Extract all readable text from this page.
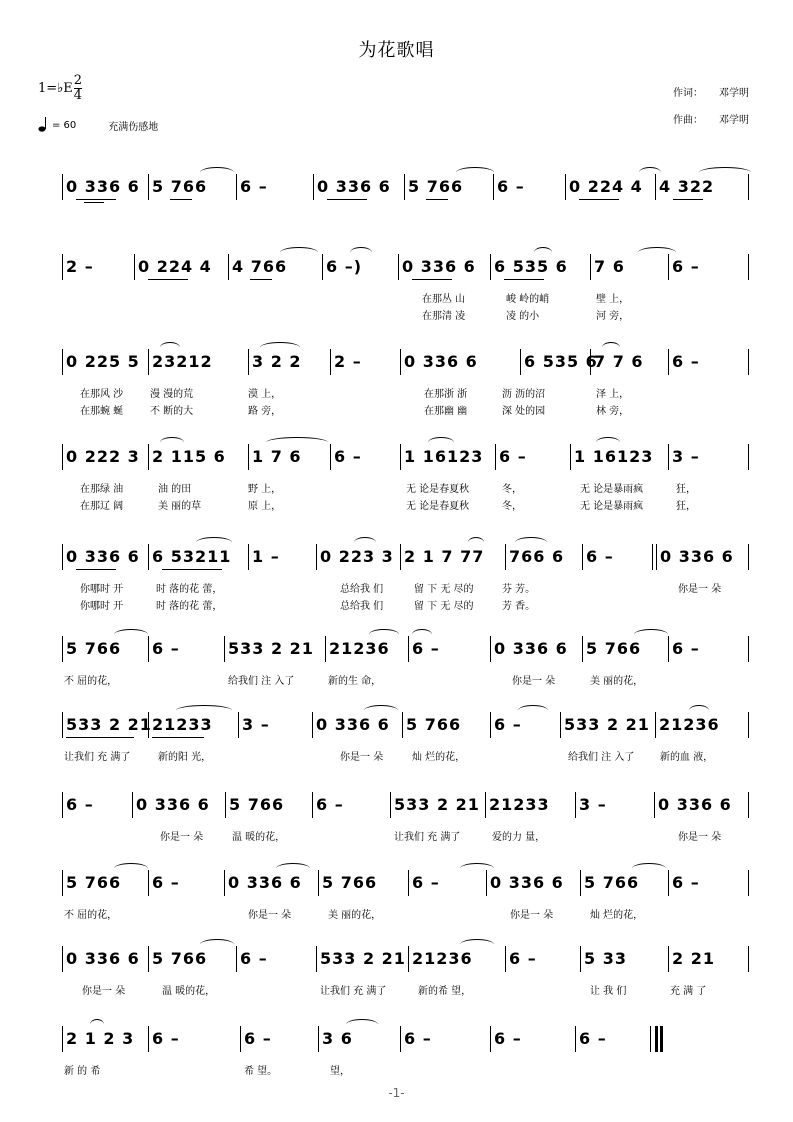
为花歌唱
1=♭E $\frac{2}{4}$
= 60	充满伤感地
作词： 邓学明
作曲： 邓学明
0 336 6 5 766 6 –	0 336 6 5 766 6 –	0 224 4 4 322
2 –	0 224 4 4 766 6 –) 0 336 6 6 535 6 7 6	6 –
在那丛 山	峻 岭的峭	壁 上，
在那清 凌	凌 的小	河 旁，
0 225 5 23212 3 2 2 2 –	0 336 6	6 535 6
7 7 6 6 –
在那风 沙	漫 漫的荒	漠 上，	在那浙 浙	沥 沥的沼	泽 上，
在那蜿 蜒	不 断的大	路 旁，	在那幽 幽	深 处的园	林 旁，
0 222 3 2 115 6 1 7 6 6 –	1 16123 6 –	1 16123 3 –
在那绿 油	油 的田	野 上，	无 论是春夏秋	冬，	无 论是暴雨疯	狂，
在那辽 阔	美 丽的草	原 上，	无 论是春夏秋	冬，	无 论是暴雨疯	狂，
0 336 6 6 53211 1 –	0 223 3 2 1 7 77 766 6 6 –	0 336 6
你哪时 开	时 落的花 蕾，	总给我 们	留 下 无 尽的	芬 芳。	你是一 朵
你哪时 开	时 落的花 蕾，	总给我 们	留 下 无 尽的	芳 香。
5 766 6 –	533 2 21 21236 6 –	0 336 6 5 766 6 –
不 屈的花，	给我们 注 入了	新的生 命，	你是一 朵	美 丽的花，
533 2 21 21233 3 –	0 336 6 5 766 6 –	533 2 21 21236
让我们 充 满了	新的阳 光，	你是一 朵	灿 烂的花，	给我们 注 入了	新的血 液，
6 –	0 336 6 5 766 6 –	533 2 21 21233 3 –	0 336 6
你是一 朵	温 暖的花，	让我们 充 满了	爱的力 量，	你是一 朵
5 766 6 –	0 336 6 5 766 6 –	0 336 6 5 766 6 –
不 屈的花，	你是一 朵	美 丽的花，	你是一 朵	灿 烂的花，
0 336 6 5 766 6 –	533 2 21 21236 6 –	5 33	2 21
你是一 朵	温 暖的花，	让我们 充 满了	新的希 望，	让 我 们	充 满 了
2 1 2 3 6 –	6 –	3 6	6 –	6 –	6 –
新 的 希	望，
希 望。
-1-
